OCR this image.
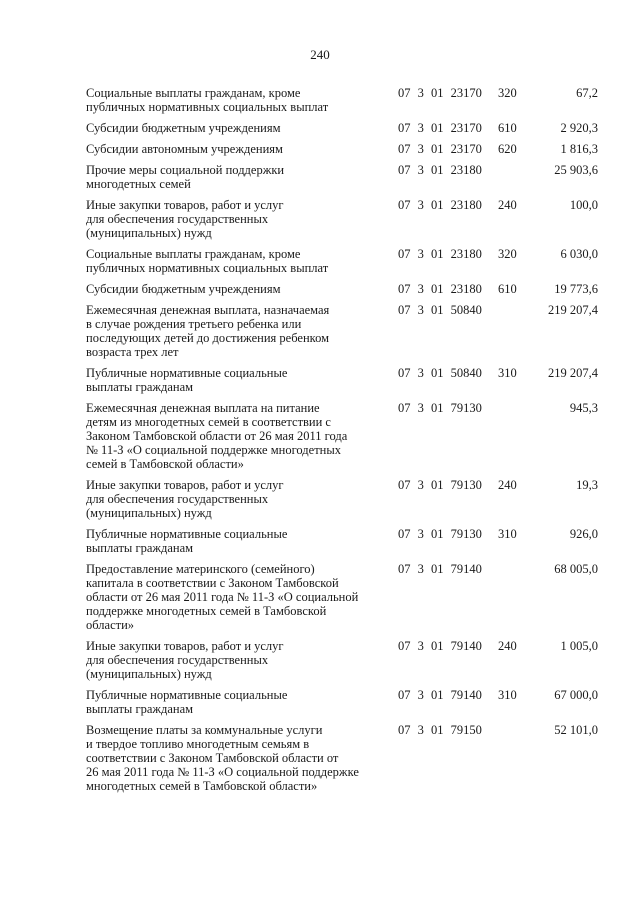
240
Социальные выплаты гражданам, кроме
публичных нормативных социальных выплат
07 3 01 23170 320	67,2
Субсидии бюджетным учреждениям	07 3 01 23170 610	2 920,3
Субсидии автономным учреждениям	07 3 01 23170 620	1 816,3
Прочие меры социальной поддержки
многодетных семей
07 3 01 23180	25 903,6
Иные закупки товаров, работ и услуг
для обеспечения государственных
(муниципальных) нужд
07 3 01 23180 240	100,0
Социальные выплаты гражданам, кроме
публичных нормативных социальных выплат
07 3 01 23180 320	6 030,0
Субсидии бюджетным учреждениям	07 3 01 23180 610	19 773,6
Ежемесячная денежная выплата, назначаемая
в случае рождения третьего ребенка или
последующих детей до достижения ребенком
возраста трех лет
07 3 01 50840	219 207,4
Публичные нормативные социальные
выплаты гражданам
07 3 01 50840 310	219 207,4
Ежемесячная денежная выплата на питание
детям из многодетных семей в соответствии с
Законом Тамбовской области от 26 мая 2011 года
№ 11-З «О социальной поддержке многодетных
семей в Тамбовской области»
07 3 01 79130	945,3
Иные закупки товаров, работ и услуг
для обеспечения государственных
(муниципальных) нужд
07 3 01 79130 240	19,3
Публичные нормативные социальные
выплаты гражданам
07 3 01 79130 310	926,0
Предоставление материнского (семейного)
капитала в соответствии с Законом Тамбовской
области от 26 мая 2011 года № 11-З «О социальной
поддержке многодетных семей в Тамбовской
области»
07 3 01 79140	68 005,0
Иные закупки товаров, работ и услуг
для обеспечения государственных
(муниципальных) нужд
07 3 01 79140 240	1 005,0
Публичные нормативные социальные
выплаты гражданам
07 3 01 79140 310	67 000,0
Возмещение платы за коммунальные услуги
и твердое топливо многодетным семьям в
соответствии с Законом Тамбовской области от
26 мая 2011 года № 11-З «О социальной поддержке
многодетных семей в Тамбовской области»
07 3 01 79150	52 101,0
